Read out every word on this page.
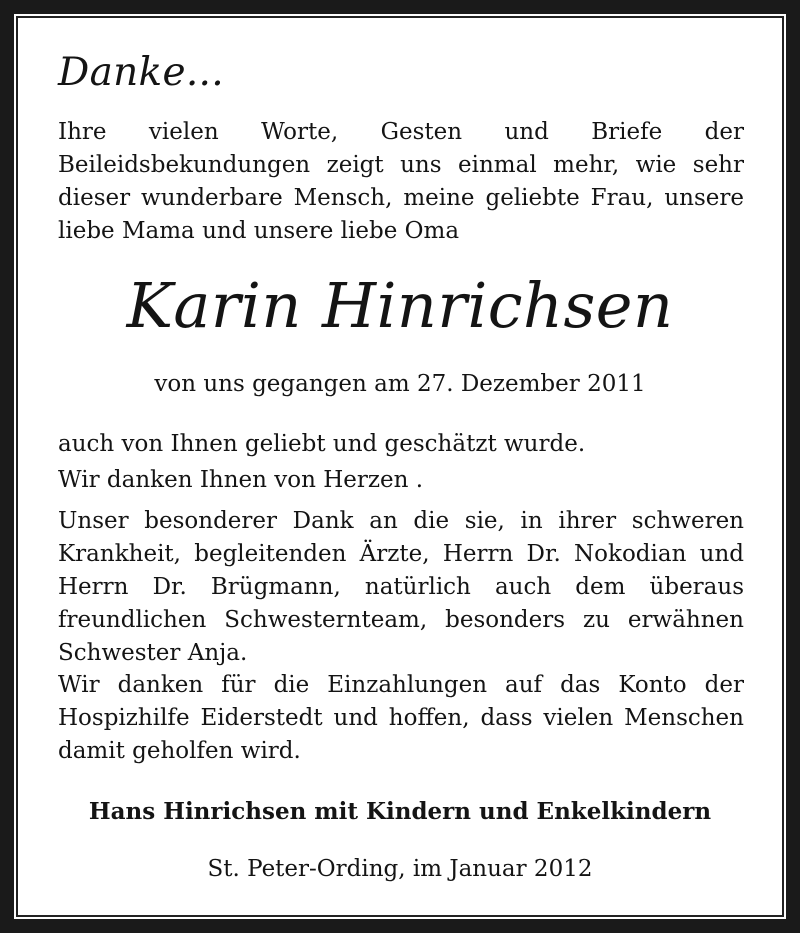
Danke...

Ihre vielen Worte, Gesten und Briefe der Beileidsbekundungen zeigt uns einmal mehr, wie sehr dieser wunderbare Mensch, meine geliebte Frau, unsere liebe Mama und unsere liebe Oma

Karin Hinrichsen

von uns gegangen am 27. Dezember 2011

auch von Ihnen geliebt und geschätzt wurde.

Wir danken Ihnen von Herzen .

Unser besonderer Dank an die sie, in ihrer schweren Krankheit, begleitenden Ärzte, Herrn Dr. Nokodian und Herrn Dr. Brügmann, natürlich auch dem überaus freundlichen Schwesternteam, besonders zu erwähnen Schwester Anja.

Wir danken für die Einzahlungen auf das Konto der Hospizhilfe Eiderstedt und hoffen, dass vielen Menschen damit geholfen wird.

Hans Hinrichsen mit Kindern und Enkelkindern

St. Peter-Ording, im Januar 2012
